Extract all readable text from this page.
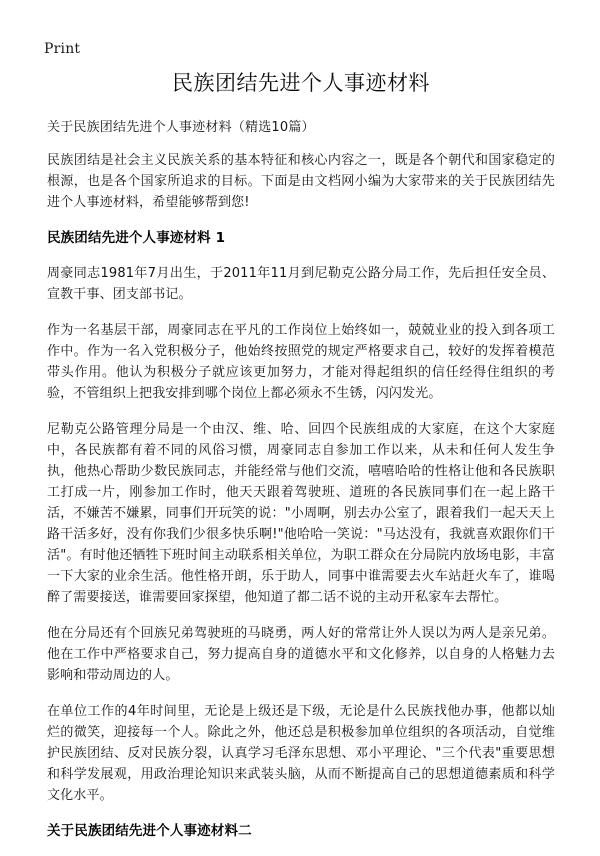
Print
民族团结先进个人事迹材料

关于民族团结先进个人事迹材料（精选10篇）

民族团结是社会主义民族关系的基本特征和核心内容之一，既是各个朝代和国家稳定的根源，也是各个国家所追求的目标。下面是由文档网小编为大家带来的关于民族团结先进个人事迹材料，希望能够帮到您!

民族团结先进个人事迹材料 1

周豪同志1981年7月出生，于2011年11月到尼勒克公路分局工作，先后担任安全员、宣教干事、团支部书记。

作为一名基层干部，周豪同志在平凡的工作岗位上始终如一，兢兢业业的投入到各项工作中。作为一名入党积极分子，他始终按照党的规定严格要求自己，较好的发挥着模范带头作用。他认为积极分子就应该更加努力，才能对得起组织的信任经得住组织的考验，不管组织上把我安排到哪个岗位上都必须永不生锈，闪闪发光。

尼勒克公路管理分局是一个由汉、维、哈、回四个民族组成的大家庭，在这个大家庭中，各民族都有着不同的风俗习惯，周豪同志自参加工作以来，从未和任何人发生争执，他热心帮助少数民族同志，并能经常与他们交流，嘻嘻哈哈的性格让他和各民族职工打成一片，刚参加工作时，他天天跟着驾驶班、道班的各民族同事们在一起上路干活，不嫌苦不嫌累，同事们开玩笑的说："小周啊，别去办公室了，跟着我们一起天天上路干活多好，没有你我们少很多快乐啊!"他哈哈一笑说："马达没有，我就喜欢跟你们干活"。有时他还牺牲下班时间主动联系相关单位，为职工群众在分局院内放场电影，丰富一下大家的业余生活。他性格开朗，乐于助人，同事中谁需要去火车站赶火车了，谁喝醉了需要接送，谁需要回家探望，他知道了都二话不说的主动开私家车去帮忙。

他在分局还有个回族兄弟驾驶班的马晓勇，两人好的常常让外人误以为两人是亲兄弟。他在工作中严格要求自己，努力提高自身的道德水平和文化修养，以自身的人格魅力去影响和带动周边的人。

在单位工作的4年时间里，无论是上级还是下级，无论是什么民族找他办事，他都以灿烂的微笑，迎接每一个人。除此之外，他还总是积极参加单位组织的各项活动，自觉维护民族团结、反对民族分裂，认真学习毛泽东思想、邓小平理论、"三个代表"重要思想和科学发展观，用政治理论知识来武装头脑，从而不断提高自己的思想道德素质和科学文化水平。

关于民族团结先进个人事迹材料二
